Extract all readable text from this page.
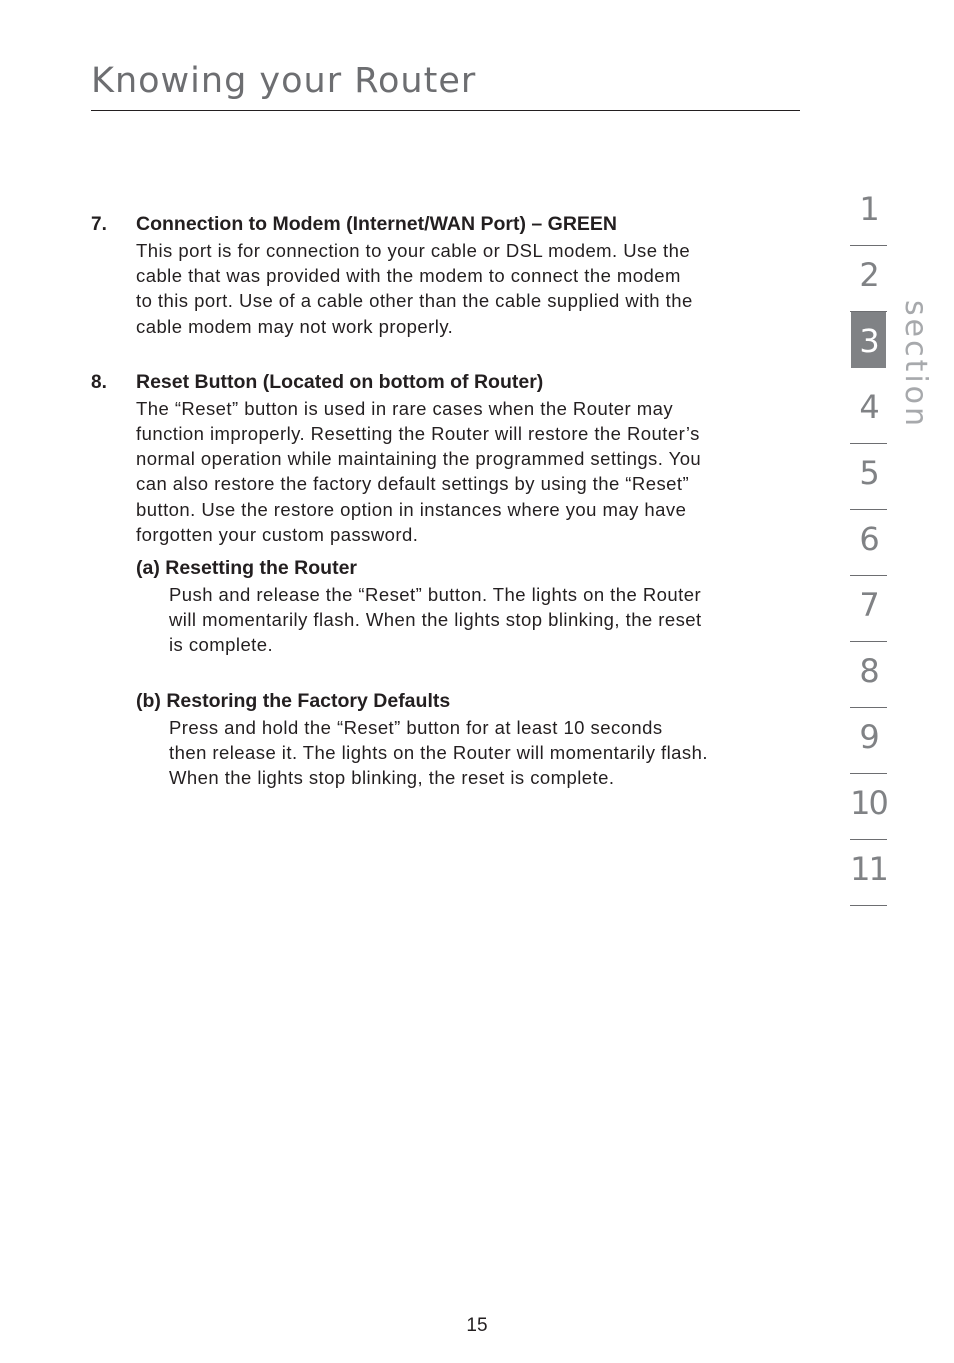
Knowing your Router
7. Connection to Modem (Internet/WAN Port) – GREEN

This port is for connection to your cable or DSL modem. Use the

cable that was provided with the modem to connect the modem

to this port. Use of a cable other than the cable supplied with the

cable modem may not work properly.

8. Reset Button (Located on bottom of Router)

The “Reset” button is used in rare cases when the Router may

function improperly. Resetting the Router will restore the Router’s

normal operation while maintaining the programmed settings. You

can also restore the factory default settings by using the “Reset”

button. Use the restore option in instances where you may have

forgotten your custom password.

(a) Resetting the Router

Push and release the “Reset” button. The lights on the Router

will momentarily flash. When the lights stop blinking, the reset

is complete.

(b) Restoring the Factory Defaults

Press and hold the “Reset” button for at least 10 seconds

then release it. The lights on the Router will momentarily flash.

When the lights stop blinking, the reset is complete.

1
2
3
4
5
6
7
8
9
10
11
section
15
